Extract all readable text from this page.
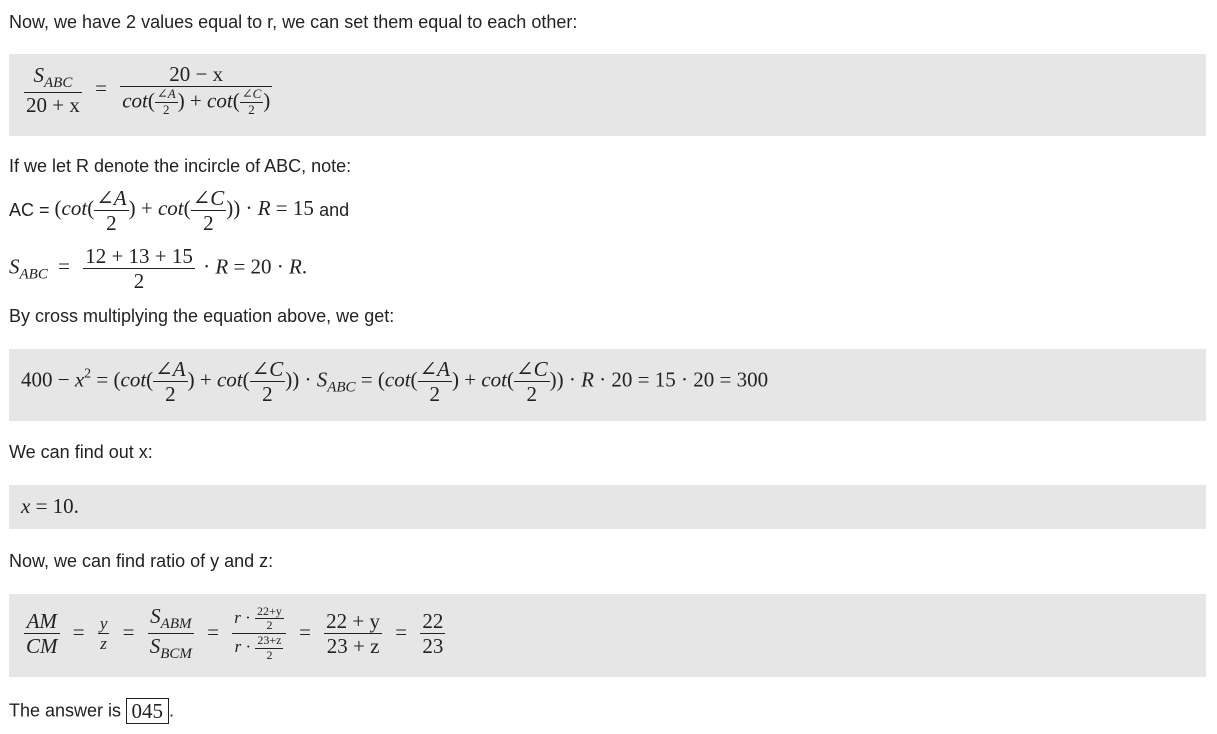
Now, we have 2 values equal to r, we can set them equal to each other:
$\frac{S_{ABC}}{20 + x} = \frac{20 - x}{\cot( \frac{\angle A}{2} ) + \cot( \frac{\angle C}{2} )}$
If we let R denote the incircle of ABC, note:
AC = ($\cot( \frac{\angle A}{2}$ ) + $\cot( \frac{\angle C}{2}$ )) · R = 15 and
$S_{ABC} = \frac{12 + 13 + 15}{2} \cdot R = 20 \cdot R$.
By cross multiplying the equation above, we get:
$400 - x^2 = (\cot( \frac{\angle A}{2}$ ) + $\cot( \frac{\angle C}{2}$ )) · $S_{ABC} = (\cot( \frac{\angle A}{2}$ ) + $\cot( \frac{\angle C}{2}$ )) · R · 20 = 15 · 20 = 300
We can find out x:
x = 10.
Now, we can find ratio of y and z:
$\frac{AM}{CM} = \frac{y}{z} = \frac{S_{ABM}}{S_{BCM}} = \frac{r \cdot \frac{22+y}{2}}{r \cdot \frac{23+z}{2}} = \frac{22 + y}{23 + z} = \frac{22}{23}$
The answer is 045 .
